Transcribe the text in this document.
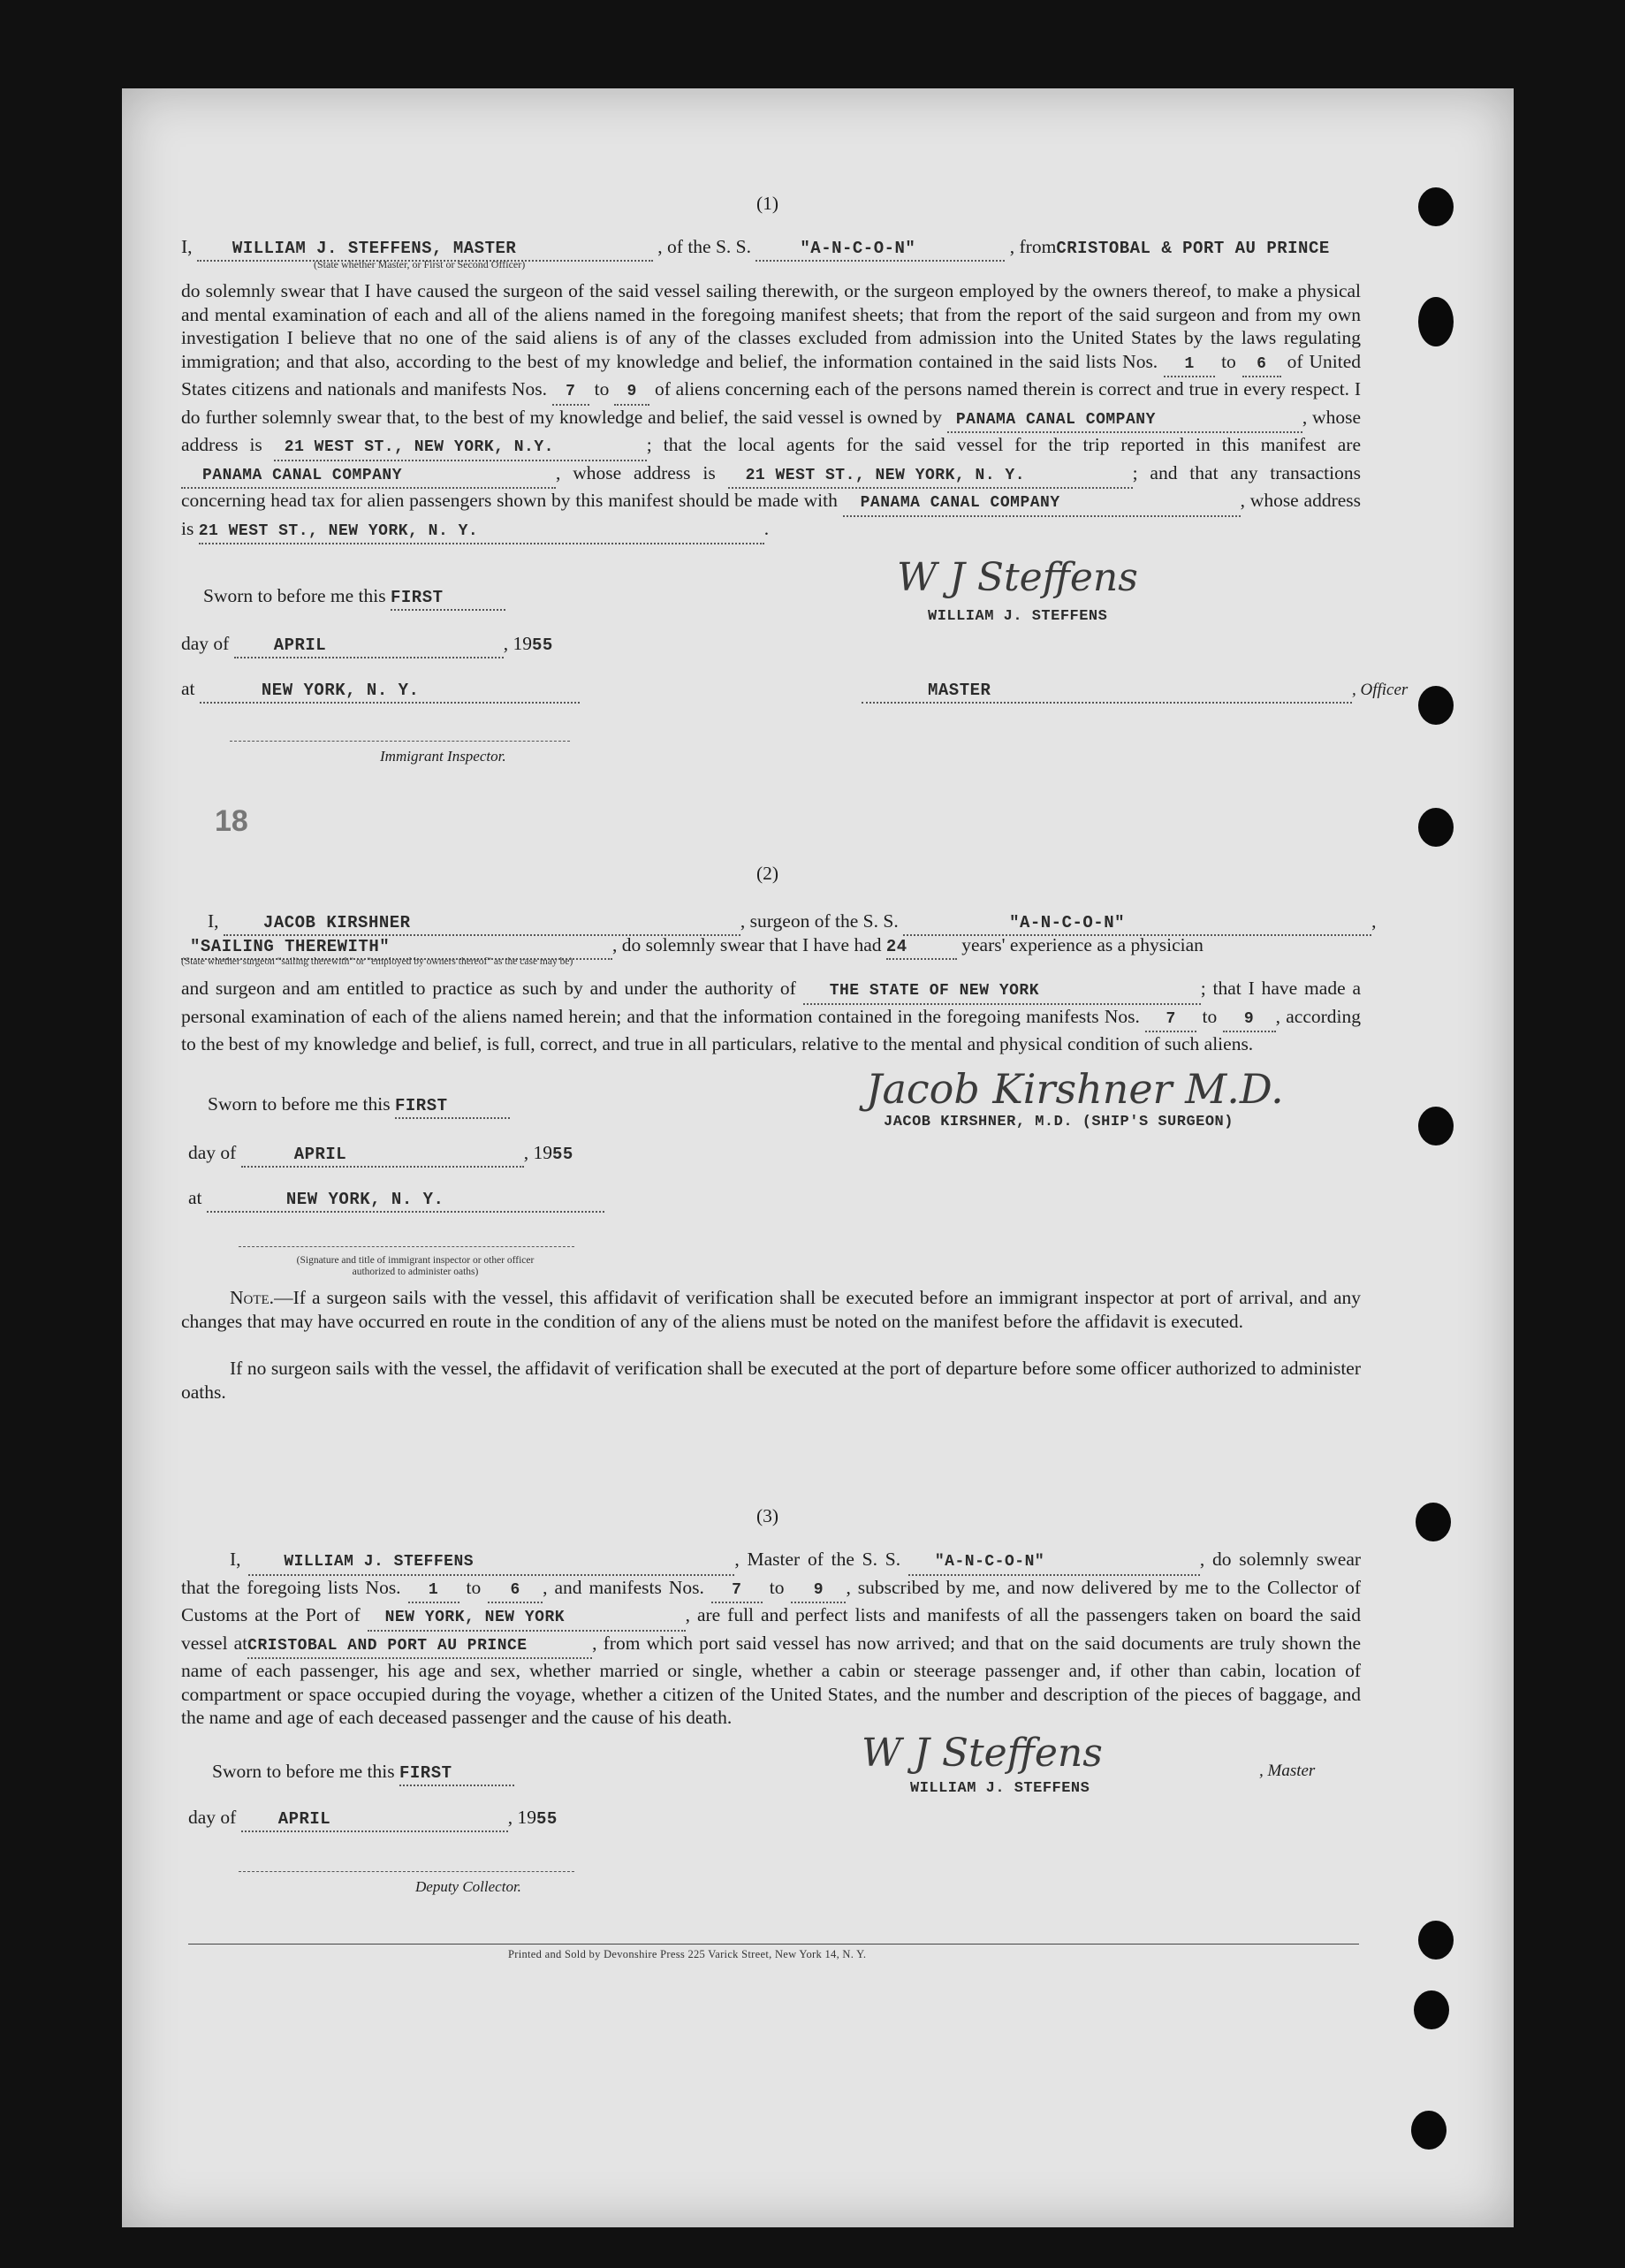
(1)
I, WILLIAM J. STEFFENS, MASTER	, of the S. S.	"A-N-C-O-N"	, fromCRISTOBAL & PORT AU PRINCE
(State whether Master, or First or Second Officer)
do solemnly swear that I have caused the surgeon of the said vessel sailing therewith, or the surgeon employed by the owners thereof, to make a physical and mental examination of each and all of the aliens named in the foregoing manifest sheets; that from the report of the said surgeon and from my own investigation I believe that no one of the said aliens is of any of the classes excluded from admission into the United States by the laws regulating immigration; and that also, according to the best of my knowledge and belief, the information contained in the said lists Nos. 1 to 6 of United States citizens and nationals and manifests Nos. 7 to 9 of aliens concerning each of the persons named therein is correct and true in every respect. I do further solemnly swear that, to the best of my knowledge and belief, the said vessel is owned by PANAMA CANAL COMPANY	, whose address is 21 WEST ST., NEW YORK, N.Y.	; that the local agents for the said vessel for the trip reported in this manifest are PANAMA CANAL COMPANY	, whose address is 21 WEST ST., NEW YORK, N. Y.	; and that any transactions concerning head tax for alien passengers shown by this manifest should be made with PANAMA CANAL COMPANY	, whose address is 21 WEST ST., NEW YORK, N. Y.	.
Sworn to before me this FIRST
day of	APRIL	, 1955
at	NEW YORK, N. Y.
Immigrant Inspector.
W J Steffens
WILLIAM J. STEFFENS
MASTER	, Officer
18
(2)
I,	JACOB KIRSHNER	, surgeon of the S. S.	"A-N-C-O-N"	,
"SAILING THEREWITH"	, do solemnly swear that I have had 24	years' experience as a physician
(State whether surgeon "sailing therewith" or "employed by owners thereof" as the case may be)
and surgeon and am entitled to practice as such by and under the authority of THE STATE OF NEW YORK	; that I have made a personal examination of each of the aliens named herein; and that the information contained in the foregoing manifests Nos. 7 to 9 , according to the best of my knowledge and belief, is full, correct, and true in all particulars, relative to the mental and physical condition of such aliens.
Sworn to before me this FIRST
day of	APRIL	, 1955
at	NEW YORK, N. Y.
(Signature and title of immigrant inspector or other officer authorized to administer oaths)
Jacob Kirshner M.D.
JACOB KIRSHNER, M.D. (SHIP'S SURGEON)
Note.—If a surgeon sails with the vessel, this affidavit of verification shall be executed before an immigrant inspector at port of arrival, and any changes that may have occurred en route in the condition of any of the aliens must be noted on the manifest before the affidavit is executed.
If no surgeon sails with the vessel, the affidavit of verification shall be executed at the port of departure before some officer authorized to administer oaths.
(3)
I,	WILLIAM J. STEFFENS	, Master of the S. S. "A-N-C-O-N"	, do solemnly swear that the foregoing lists Nos. 1 to 6 , and manifests Nos. 7 to 9 , subscribed by me, and now delivered by me to the Collector of Customs at the Port of NEW YORK, NEW YORK	, are full and perfect lists and manifests of all the passengers taken on board the said vessel atCRISTOBAL AND PORT AU PRINCE	, from which port said vessel has now arrived; and that on the said documents are truly shown the name of each passenger, his age and sex, whether married or single, whether a cabin or steerage passenger and, if other than cabin, location of compartment or space occupied during the voyage, whether a citizen of the United States, and the number and description of the pieces of baggage, and the name and age of each deceased passenger and the cause of his death.
Sworn to before me this FIRST
day of APRIL	, 1955
Deputy Collector.
W J Steffens
WILLIAM J. STEFFENS
, Master
Printed and Sold by Devonshire Press 225 Varick Street, New York 14, N. Y.
